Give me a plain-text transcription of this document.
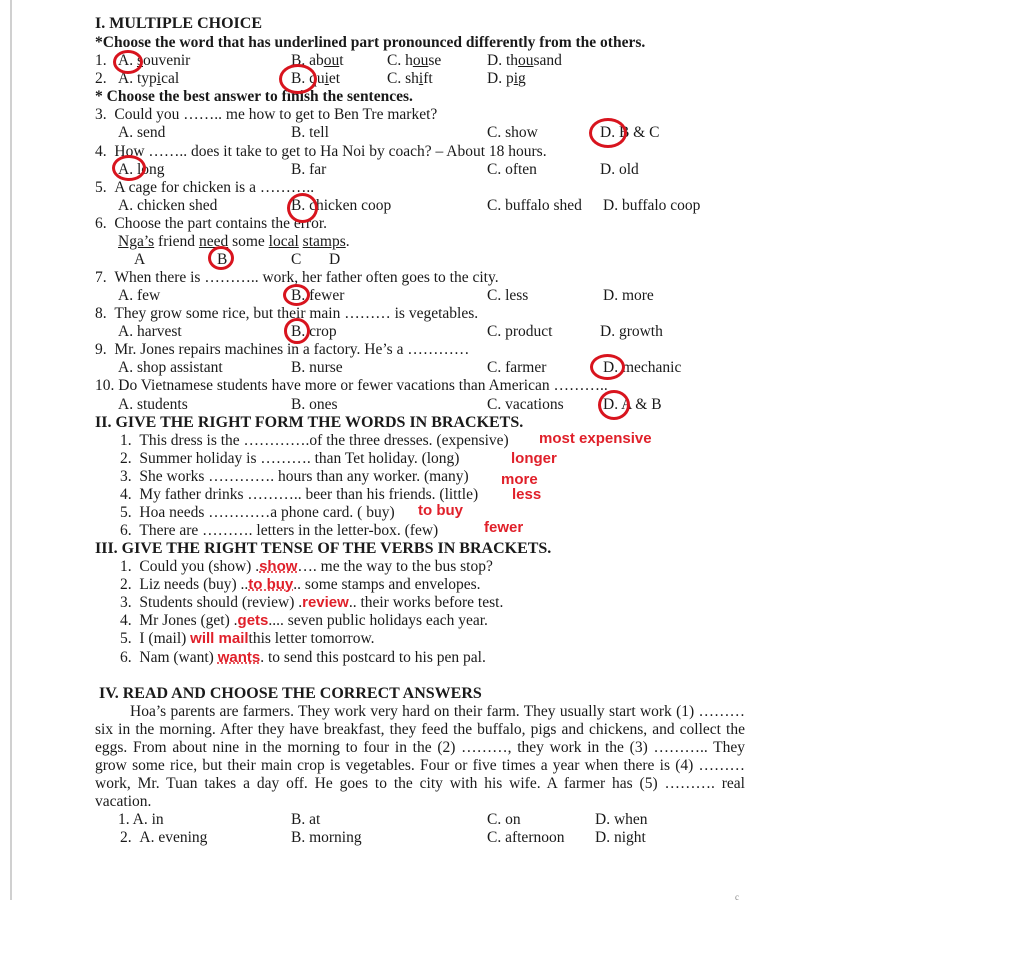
I. MULTIPLE CHOICE
*Choose the word that has underlined part pronounced differently from the others.
1. A. souvenir	B. about	C. house	D. thousand
2. A. typical	B. quiet	C. shift	D. pig
* Choose the best answer to finish the sentences.
3.  Could you …….. me how to get to Ben Tre market?
A. send	B. tell	C. show	D. B & C
4.  How …….. does it take to get to Ha Noi by coach? – About 18 hours.
A. long	B. far	C. often	D. old
5.  A cage for chicken is a ………..
A. chicken shed	B. chicken coop	C. buffalo shed D. buffalo coop
6.  Choose the part contains the error.
Nga’s friend need some local stamps.
A	B	C D
7.  When there is ……….. work, her father often goes to the city.
A. few	B. fewer	C. less	D. more
8.  They grow some rice, but their main ……… is vegetables.
A. harvest	B. crop	C. product	D. growth
9.  Mr. Jones repairs machines in a factory. He’s a …………
A. shop assistant	B. nurse	C. farmer	D. mechanic
10. Do Vietnamese students have more or fewer vacations than American ………..
A. students	B. ones	C. vacations	D. A & B
II. GIVE THE RIGHT FORM THE WORDS IN BRACKETS.
1.  This dress is the ………….of the three dresses. (expensive) most expensive
2.  Summer holiday is ………. than Tet holiday. (long)	longer
3.  She works …………. hours than any worker. (many) more
4.  My father drinks ……….. beer than his friends. (little) less
5.  Hoa needs …………a phone card. ( buy) to buy
6.  There are ………. letters in the letter-box. (few)	fewer
III. GIVE THE RIGHT TENSE OF THE VERBS IN BRACKETS.
1.  Could you (show) .show…. me the way to the bus stop?
2.  Liz needs (buy) ..to buy.. some stamps and envelopes.
3.  Students should (review) .review.. their works before test.
4.  Mr Jones (get) .gets.... seven public holidays each year.
5.  I (mail) will mailthis letter tomorrow.
6.  Nam (want) wants. to send this postcard to his pen pal.
IV. READ AND CHOOSE THE CORRECT ANSWERS

Hoa’s parents are farmers. They work very hard on their farm. They usually start work (1) ……… six in the morning. After they have breakfast, they feed the buffalo, pigs and chickens, and collect the eggs. From about nine in the morning to four in the (2) ………, they work in the (3) ……….. They grow some rice, but their main crop is vegetables. Four or five times a year when there is (4) ……… work, Mr. Tuan takes a day off. He goes to the city with his wife. A farmer has (5) ………. real vacation.

1. A. in	B. at	C. on	D. when
2.  A. evening	B. morning	C. afternoon D. night
c
